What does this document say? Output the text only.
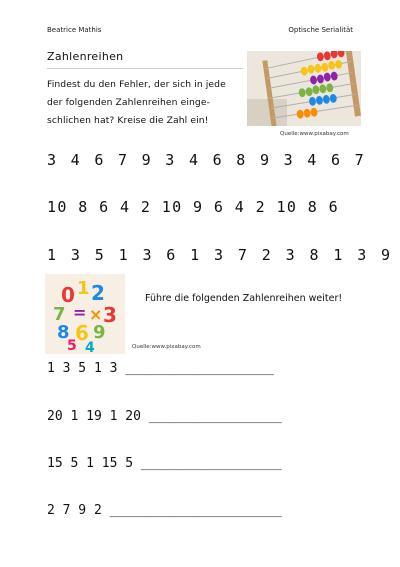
Beatrice Mathis	Optische Serialität
Zahlenreihen
Findest du den Fehler, der sich in jede
der folgenden Zahlenreihen einge-
schlichen hat? Kreise die Zahl ein!
Quelle:www.pixabay.com
3 4 6 7 9 3 4 6 8 9 3 4 6 7
10 8 6 4 2 10 9 6 4 2 10 8 6
1 3 5 1 3 6 1 3 7 2 3 8 1 3 9
0 1 2
7 = × 3
8 6 9
5 4
Führe die folgenden Zahlenreihen weiter!
Quelle:www.pixabay.com
1 3 5 1 3 ___________________
20 1 19 1 20 _________________
15 5 1 15 5 __________________
2 7 9 2 ______________________
